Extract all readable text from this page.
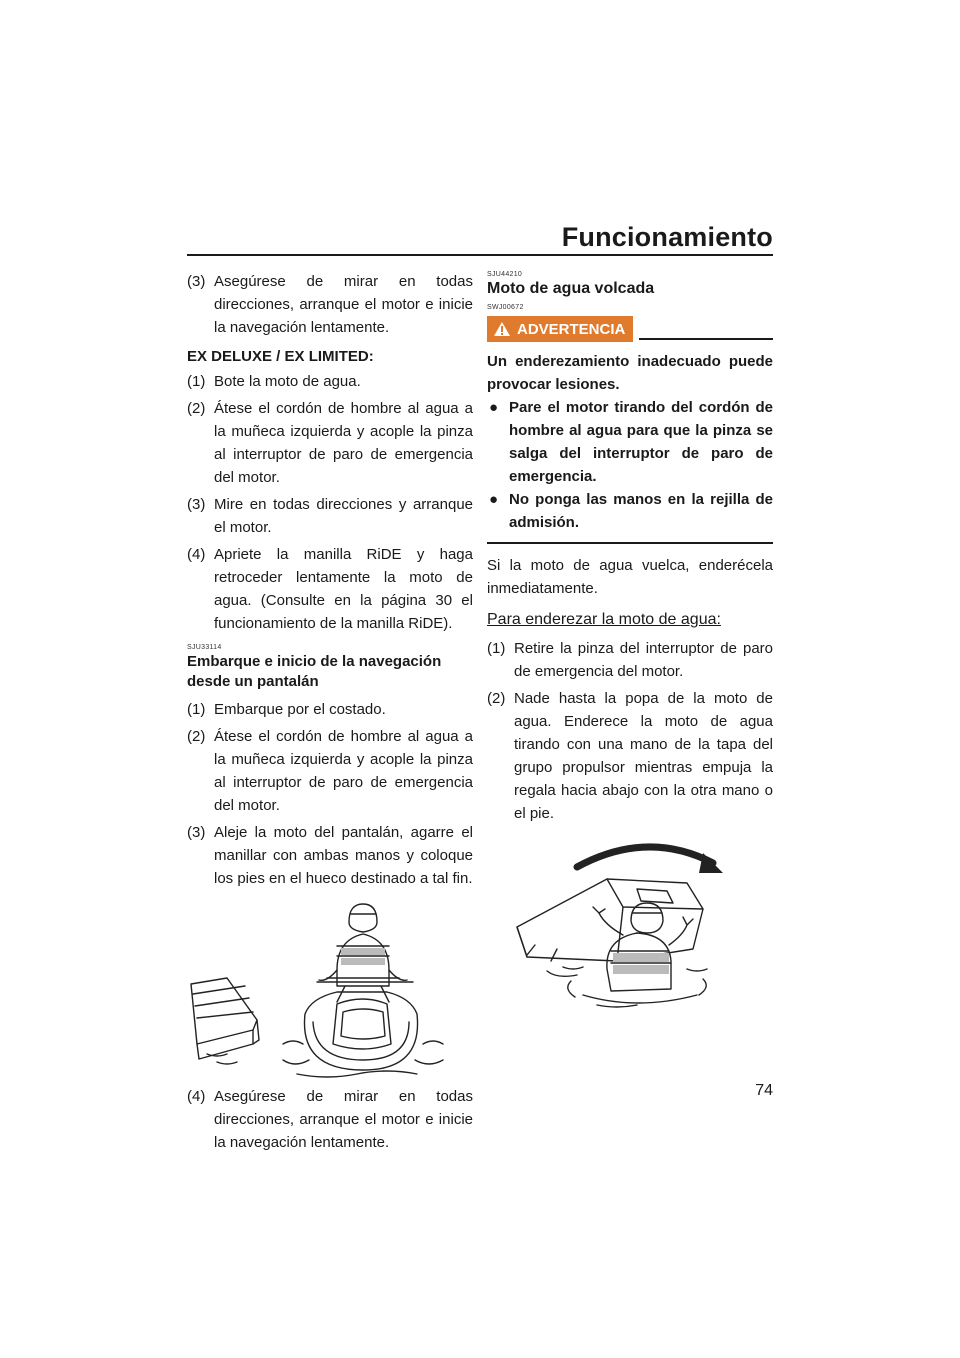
Funcionamiento
(3) Asegúrese de mirar en todas direcciones, arranque el motor e inicie la navegación lentamente.
EX DELUXE / EX LIMITED:
(1) Bote la moto de agua.
(2) Átese el cordón de hombre al agua a la muñeca izquierda y acople la pinza al interruptor de paro de emergencia del motor.
(3) Mire en todas direcciones y arranque el motor.
(4) Apriete la manilla RiDE y haga retroceder lentamente la moto de agua. (Consulte en la página 30 el funcionamiento de la manilla RiDE).
SJU33114
Embarque e inicio de la navegación desde un pantalán
(1) Embarque por el costado.
(2) Átese el cordón de hombre al agua a la muñeca izquierda y acople la pinza al interruptor de paro de emergencia del motor.
(3) Aleje la moto del pantalán, agarre el manillar con ambas manos y coloque los pies en el hueco destinado a tal fin.
(4) Asegúrese de mirar en todas direcciones, arranque el motor e inicie la navegación lentamente.
SJU44210
Moto de agua volcada
SWJ00672
ADVERTENCIA
Un enderezamiento inadecuado puede provocar lesiones.
● Pare el motor tirando del cordón de hombre al agua para que la pinza se salga del interruptor de paro de emergencia.
● No ponga las manos en la rejilla de admisión.
Si la moto de agua vuelca, enderécela inmediatamente.
Para enderezar la moto de agua:
(1) Retire la pinza del interruptor de paro de emergencia del motor.
(2) Nade hasta la popa de la moto de agua. Enderece la moto de agua tirando con una mano de la tapa del grupo propulsor mientras empuja la regala hacia abajo con la otra mano o el pie.
74
